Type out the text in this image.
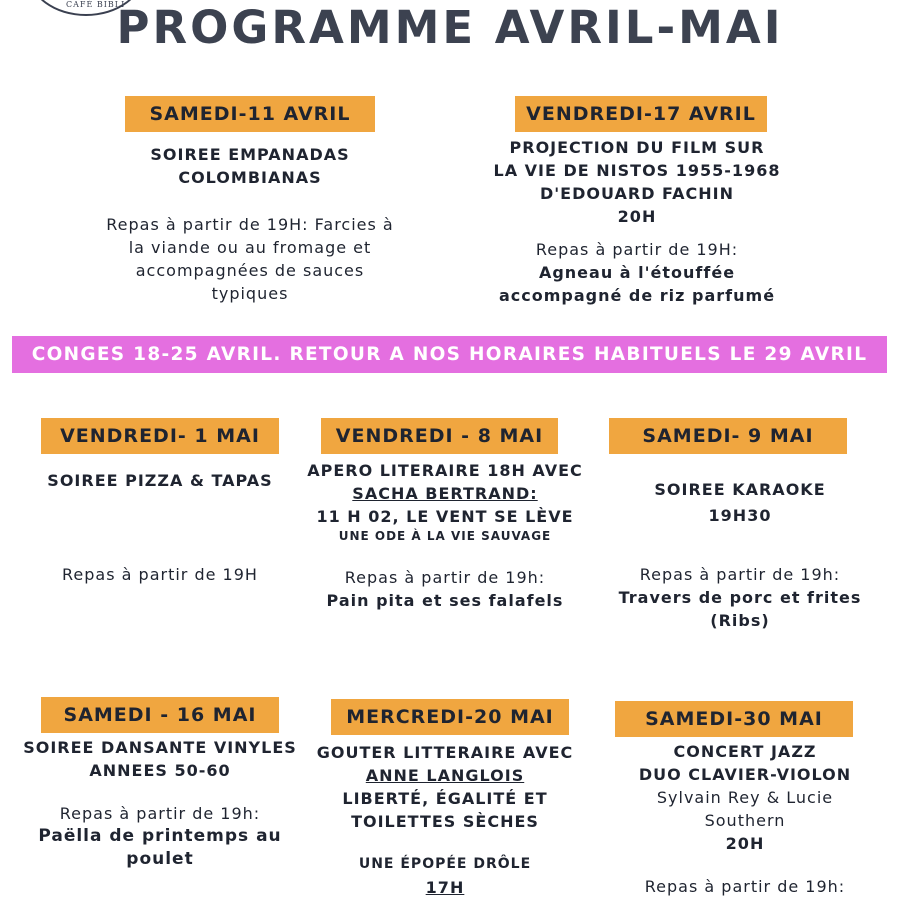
CAFÉ BIBLI
PROGRAMME AVRIL-MAI
SAMEDI-11 AVRIL
SOIREE EMPANADAS
COLOMBIANAS
Repas à partir de 19H: Farcies à
la viande ou au fromage et
accompagnées de sauces
typiques
VENDREDI-17 AVRIL
PROJECTION DU FILM SUR
LA VIE DE NISTOS 1955-1968
D'EDOUARD FACHIN
20H
Repas à partir de 19H:
Agneau à l'étouffée
accompagné de riz parfumé
CONGES 18-25 AVRIL. RETOUR A NOS HORAIRES HABITUELS LE 29 AVRIL
VENDREDI- 1 MAI
SOIREE PIZZA & TAPAS
Repas à partir de 19H
VENDREDI - 8 MAI
APERO LITERAIRE 18H AVEC
SACHA BERTRAND:
11 H 02, LE VENT SE LÈVE
UNE ODE À LA VIE SAUVAGE
Repas à partir de 19h:
Pain pita et ses falafels
SAMEDI- 9 MAI
SOIREE KARAOKE
19H30
Repas à partir de 19h:
Travers de porc et frites
(Ribs)
SAMEDI - 16 MAI
SOIREE DANSANTE VINYLES
ANNEES 50-60
Repas à partir de 19h:
Paëlla de printemps au
poulet
MERCREDI-20 MAI
GOUTER LITTERAIRE AVEC
ANNE LANGLOIS
LIBERTÉ, ÉGALITÉ ET
TOILETTES SÈCHES
UNE ÉPOPÉE DRÔLE
17H
SAMEDI-30 MAI
CONCERT JAZZ
DUO CLAVIER-VIOLON
Sylvain Rey & Lucie
Southern
20H
Repas à partir de 19h:
